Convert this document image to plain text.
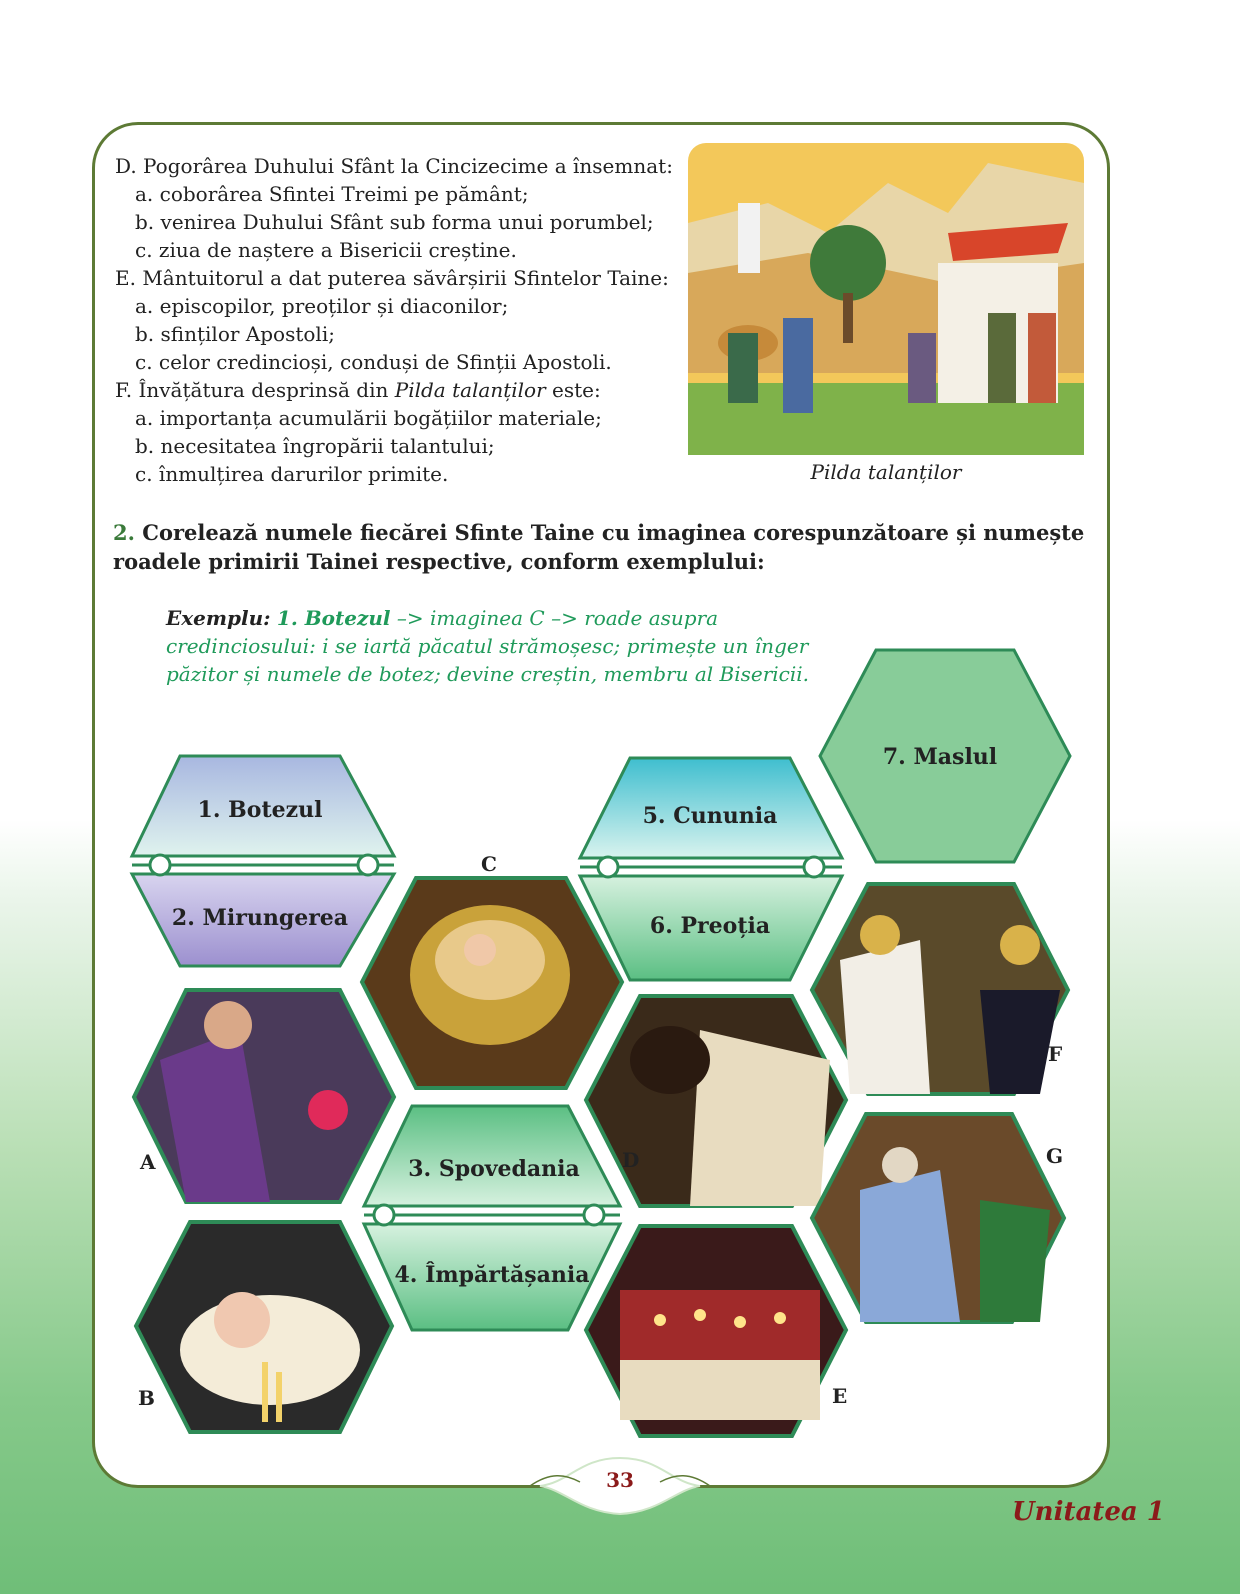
D. Pogorârea Duhului Sfânt la Cincizecime a însemnat:
a. coborârea Sfintei Treimi pe pământ;
b. venirea Duhului Sfânt sub forma unui porumbel;
c. ziua de naștere a Bisericii creștine.
E. Mântuitorul a dat puterea săvârșirii Sfintelor Taine:
a. episcopilor, preoților și diaconilor;
b. sfinților Apostoli;
c. celor credincioși, conduși de Sfinții Apostoli.
F. Învățătura desprinsă din Pilda talanților este:
a. importanța acumulării bogățiilor materiale;
b. necesitatea îngropării talantului;
c. înmulțirea darurilor primite.	Pilda talanților
2. Corelează numele fiecărei Sfinte Taine cu imaginea corespunzătoare și numește roadele primirii Tainei respective, conform exemplului:
Exemplu: 1. Botezul –> imaginea C –> roade asupra
credinciosului: i se iartă păcatul strămoșesc; primește un înger
păzitor și numele de botez; devine creștin, membru al Bisericii.
1. Botezul
2. Mirungerea
3. Spovedania
4. Împărtășania
5. Cununia
6. Preoția
7. Maslul
A
B
C
D
E
F
G
33
Unitatea 1
